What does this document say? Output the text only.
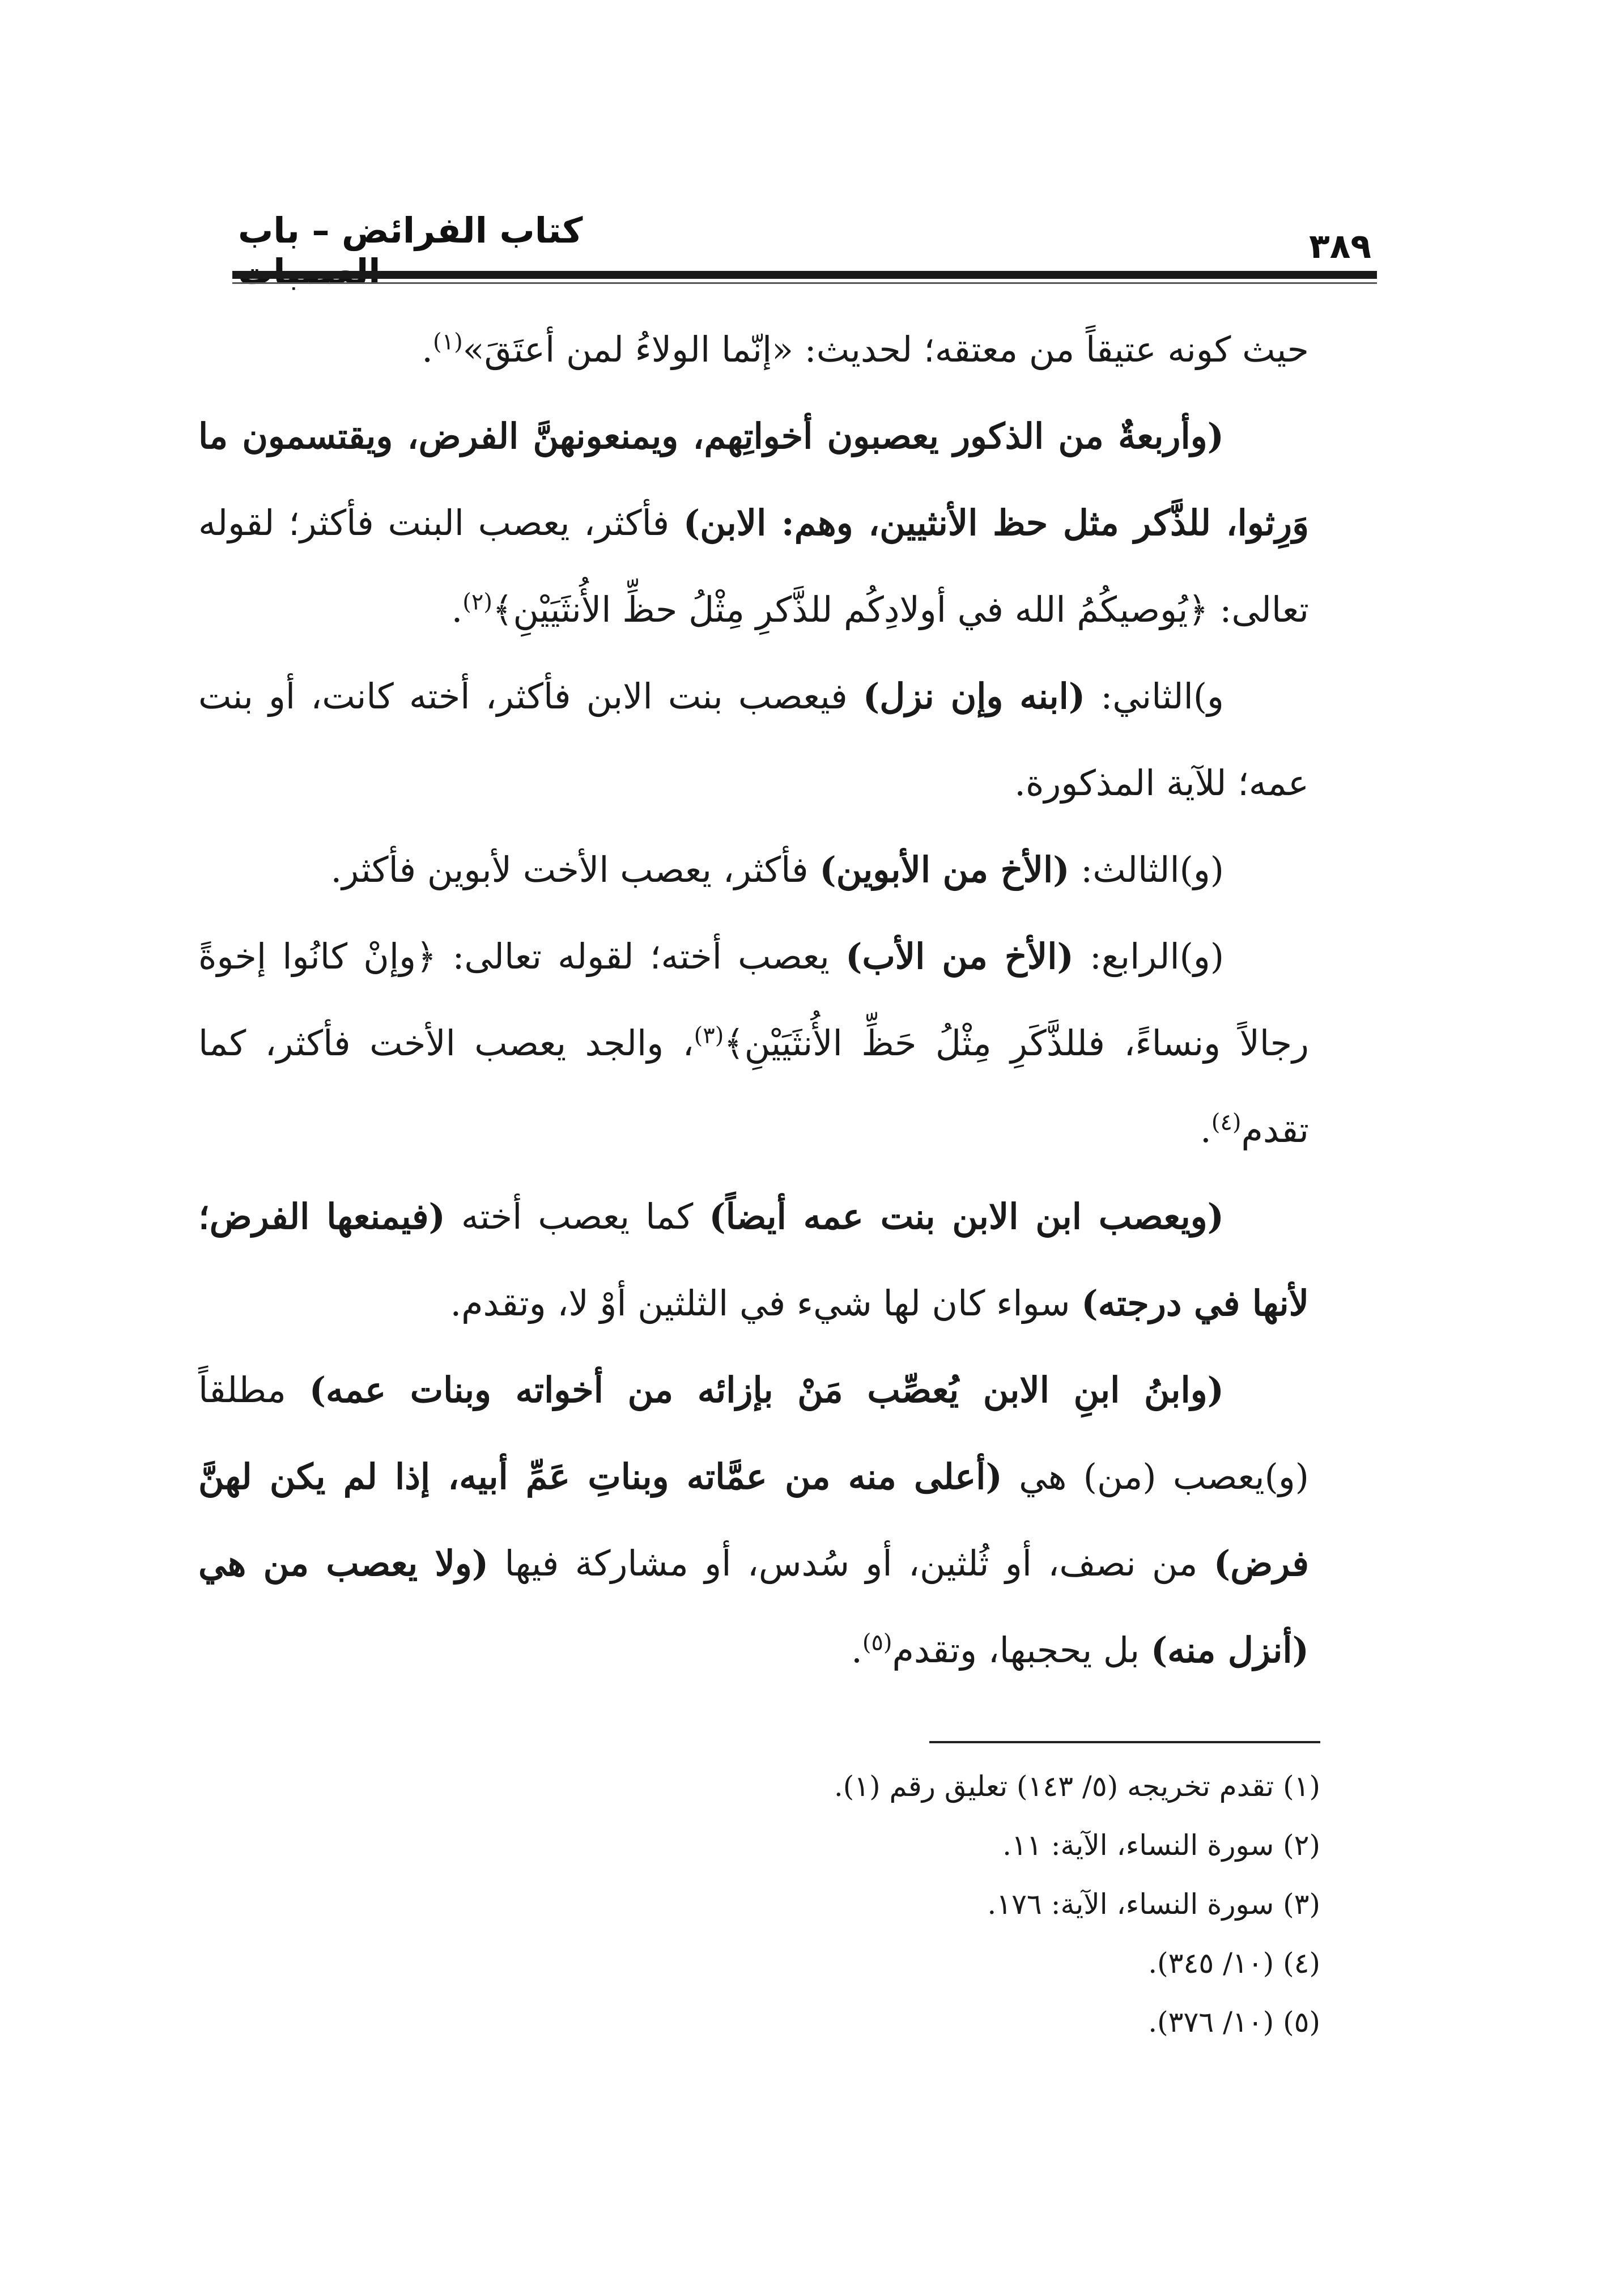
كتاب الفرائض – باب	٣٨٩

حيث كونه عتيقاً من معتقه؛ لحديث: «إنّما الولاءُ لمن أعتَقَ»$^{(١)}$.

(وأربعةٌ من الذكور يعصبون أخواتِهم، ويمنعونهنَّ الفرض، ويقتسمون ما وَرِثوا، للذَّكر مثل حظ الأنثيين، وهم: الابن) فأكثر، يعصب البنت فأكثر؛ لقوله تعالى: ﴿يُوصيكُمُ الله في أولادِكُم للذَّكرِ مِثْلُ حظِّ الأُنثَيَيْنِ﴾$^{(٢)}$.

و)الثاني: (ابنه وإن نزل) فيعصب بنت الابن فأكثر، أخته كانت، أو بنت عمه؛ للآية المذكورة.

(و)الثالث: (الأخ من الأبوين) فأكثر، يعصب الأخت لأبوين فأكثر.

(و)الرابع: (الأخ من الأب) يعصب أخته؛ لقوله تعالى: ﴿وإنْ كانُوا إخوةً رجالاً ونساءً، فللذَّكَرِ مِثْلُ حَظِّ الأُنثَيَيْنِ﴾$^{(٣)}$، والجد يعصب الأخت فأكثر، كما تقدم$^{(٤)}$.

(ويعصب ابن الابن بنت عمه أيضاً) كما يعصب أخته (فيمنعها الفرض؛ لأنها في درجته) سواء كان لها شيء في الثلثين أوْ لا، وتقدم.

(وابنُ ابنِ الابن يُعصِّب مَنْ بإزائه من أخواته وبنات عمه) مطلقاً (و)يعصب (من) هي (أعلى منه من عمَّاته وبناتِ عَمِّ أبيه، إذا لم يكن لهنَّ فرض) من نصف، أو ثُلثين، أو سُدس، أو مشاركة فيها (ولا يعصب من هي (أنزل منه) بل يحجبها، وتقدم$^{(٥)}$.

(١) تقدم تخريجه (٥/ ١٤٣) تعليق رقم (١).

(٢) سورة النساء، الآية: ١١.

(٣) سورة النساء، الآية: ١٧٦.

(٤) (١٠/ ٣٤٥).

(٥) (١٠/ ٣٧٦).
